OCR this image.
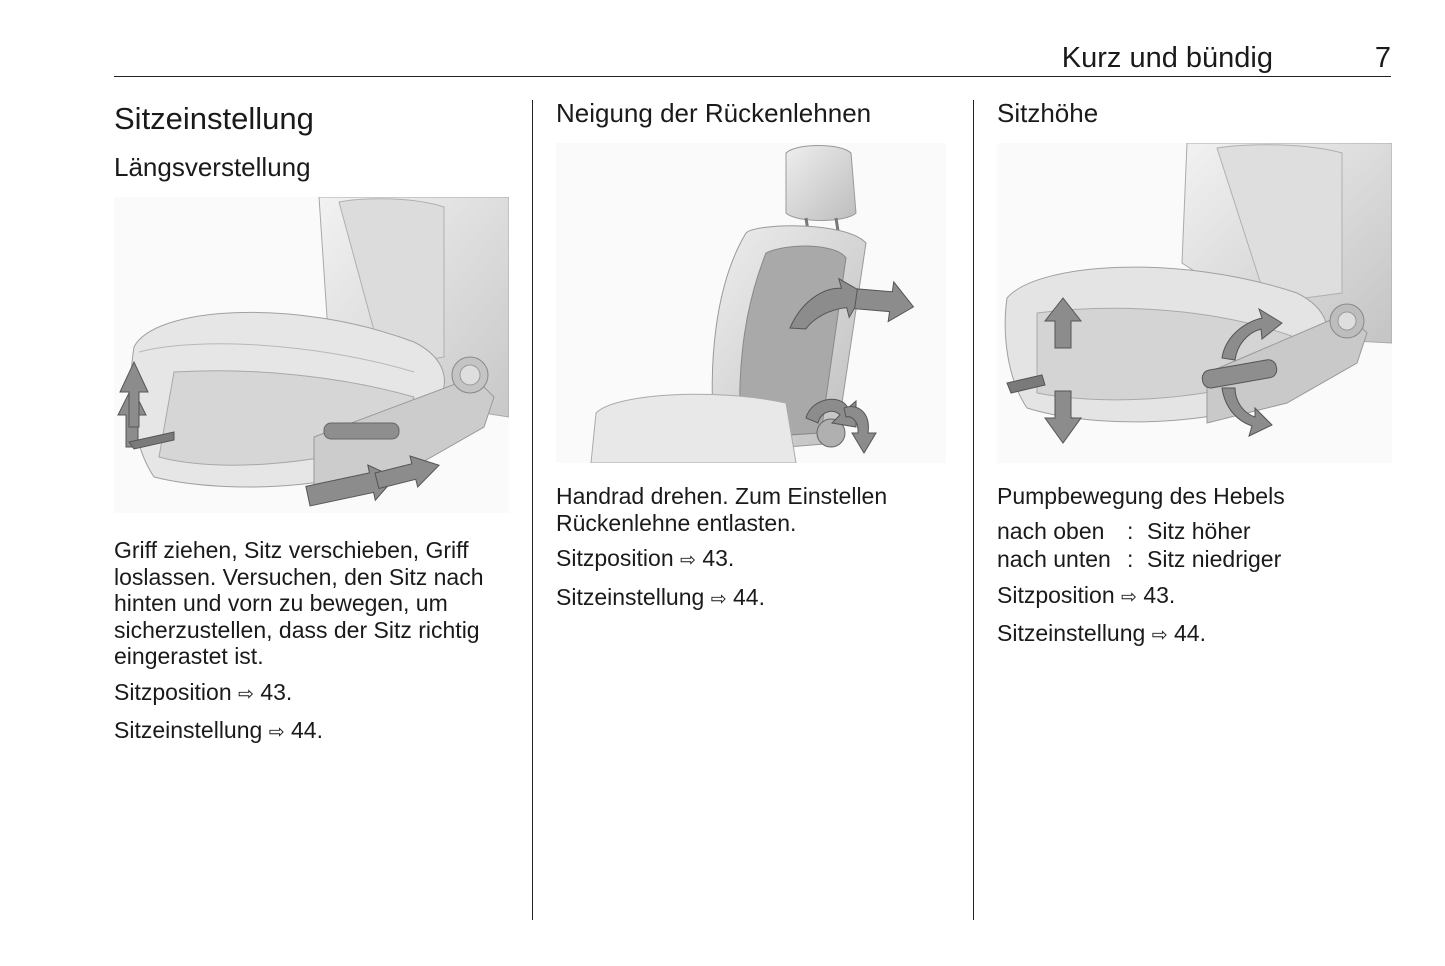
Kurz und bündig	7
Sitzeinstellung
Längsverstellung

Griff ziehen, Sitz verschieben, Griff

loslassen. Versuchen, den Sitz nach

hinten und vorn zu bewegen, um

sicherzustellen, dass der Sitz richtig

eingerastet ist.

Sitzposition ⇨ 43.

Sitzeinstellung ⇨ 44.

Neigung der Rückenlehnen

Handrad drehen. Zum Einstellen

Rückenlehne entlasten.

Sitzposition ⇨ 43.

Sitzeinstellung ⇨ 44.

Sitzhöhe

Pumpbewegung des Hebels

nach oben	:	Sitz höher
nach unten	:	Sitz niedriger

Sitzposition ⇨ 43.

Sitzeinstellung ⇨ 44.
